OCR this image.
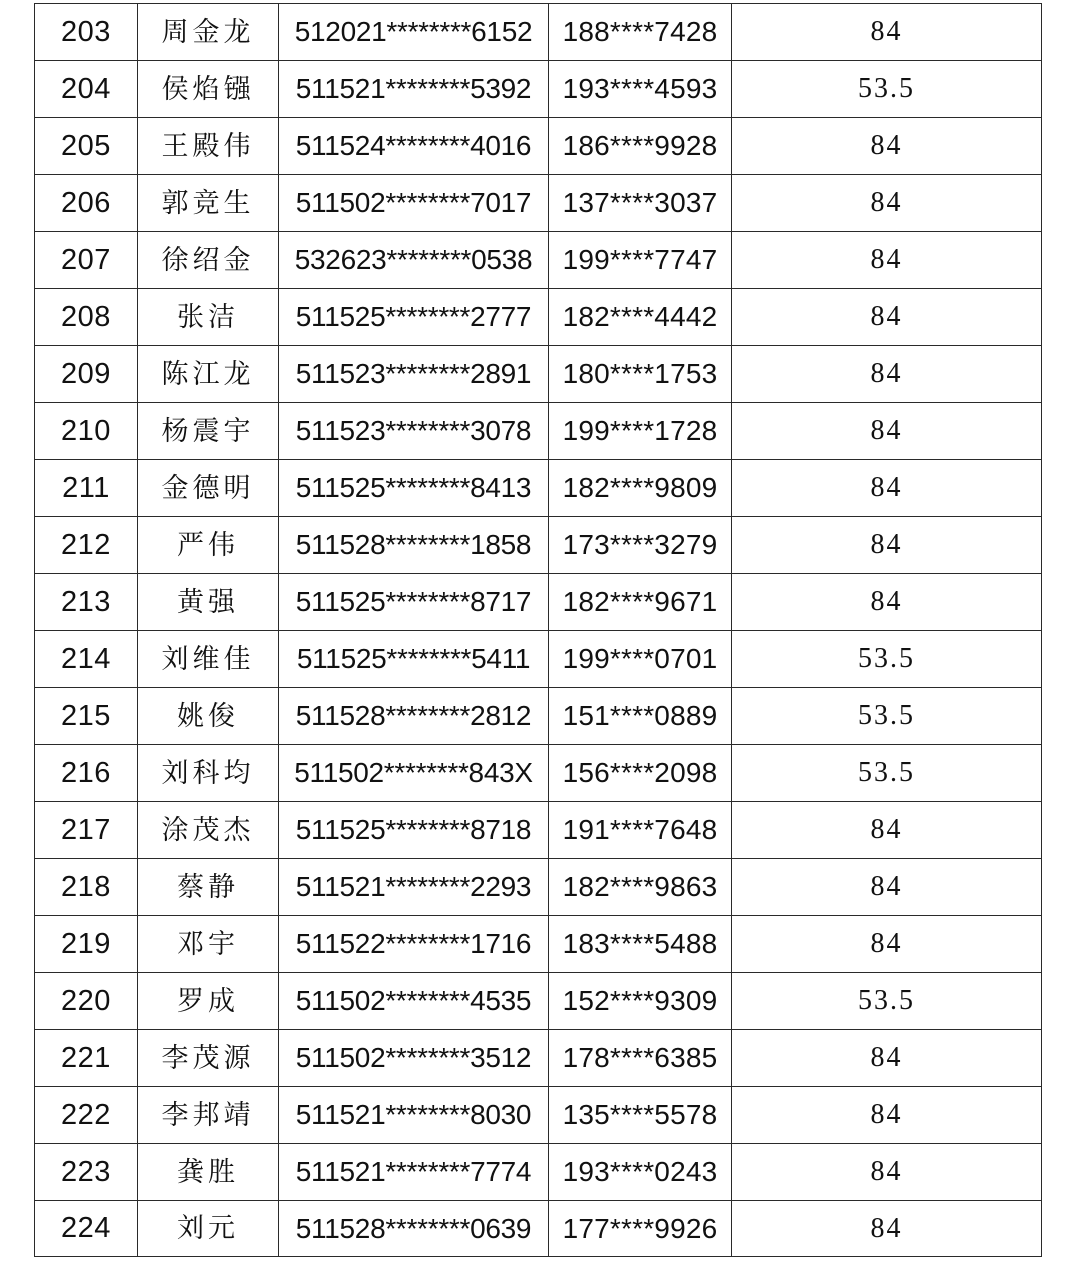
203	周金龙	512021********6152	188****7428	84
204	侯焰镪	511521********5392	193****4593	53.5
205	王殿伟	511524********4016	186****9928	84
206	郭竞生	511502********7017	137****3037	84
207	徐绍金	532623********0538	199****7747	84
208	张洁	511525********2777	182****4442	84
209	陈江龙	511523********2891	180****1753	84
210	杨震宇	511523********3078	199****1728	84
211	金德明	511525********8413	182****9809	84
212	严伟	511528********1858	173****3279	84
213	黄强	511525********8717	182****9671	84
214	刘维佳	511525********5411	199****0701	53.5
215	姚俊	511528********2812	151****0889	53.5
216	刘科均	511502********843X	156****2098	53.5
217	涂茂杰	511525********8718	191****7648	84
218	蔡静	511521********2293	182****9863	84
219	邓宇	511522********1716	183****5488	84
220	罗成	511502********4535	152****9309	53.5
221	李茂源	511502********3512	178****6385	84
222	李邦靖	511521********8030	135****5578	84
223	龚胜	511521********7774	193****0243	84
224	刘元	511528********0639	177****9926	84
